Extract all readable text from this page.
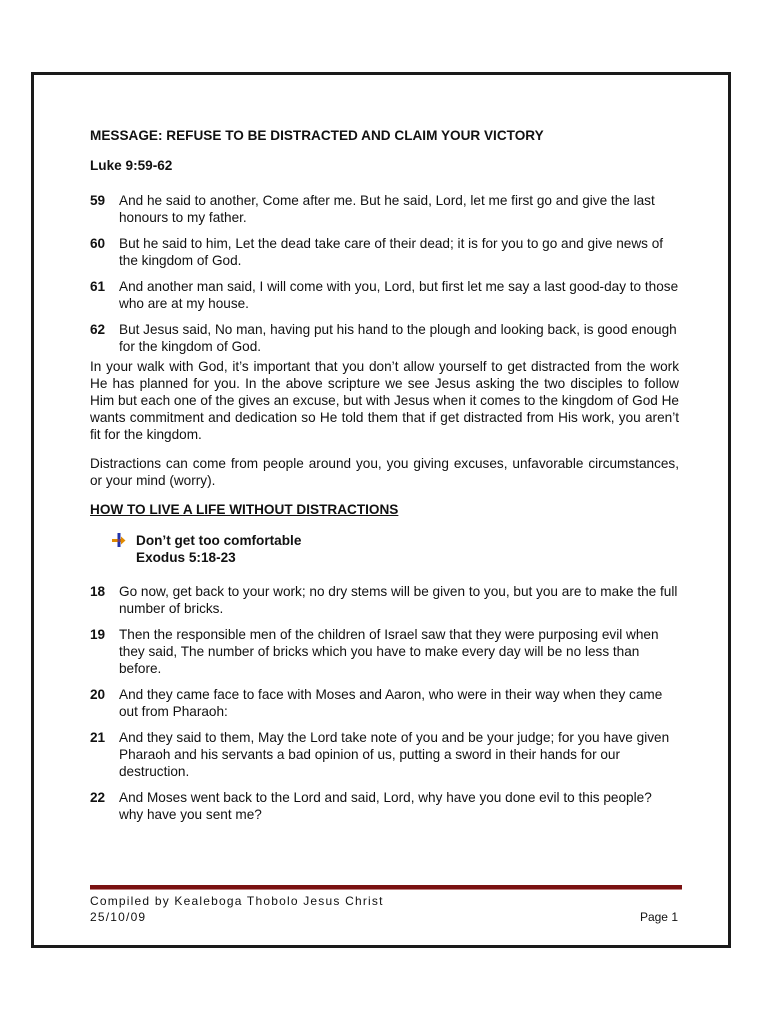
MESSAGE: REFUSE TO BE DISTRACTED AND CLAIM YOUR VICTORY
Luke 9:59-62
59	And he said to another, Come after me. But he said, Lord, let me first go and give the last honours to my father.
60	But he said to him, Let the dead take care of their dead; it is for you to go and give news of the kingdom of God.
61	And another man said, I will come with you, Lord, but first let me say a last good-day to those who are at my house.
62	But Jesus said, No man, having put his hand to the plough and looking back, is good enough for the kingdom of God.

In your walk with God, it’s important that you don’t allow yourself to get distracted from the work He has planned for you. In the above scripture we see Jesus asking the two disciples to follow Him but each one of the gives an excuse, but with Jesus when it comes to the kingdom of God He wants commitment and dedication so He told them that if get distracted from His work, you aren’t fit for the kingdom.

Distractions can come from people around you, you giving excuses, unfavorable circumstances, or your mind (worry).

HOW TO LIVE A LIFE WITHOUT DISTRACTIONS
Don’t get too comfortable
Exodus 5:18-23
18	Go now, get back to your work; no dry stems will be given to you, but you are to make the full number of bricks.
19	Then the responsible men of the children of Israel saw that they were purposing evil when they said, The number of bricks which you have to make every day will be no less than before.
20	And they came face to face with Moses and Aaron, who were in their way when they came out from Pharaoh:
21	And they said to them, May the Lord take note of you and be your judge; for you have given Pharaoh and his servants a bad opinion of us, putting a sword in their hands for our destruction.
22	And Moses went back to the Lord and said, Lord, why have you done evil to this people? why have you sent me?
Compiled by Kealeboga Thobolo Jesus Christ
25/10/09	Page 1
